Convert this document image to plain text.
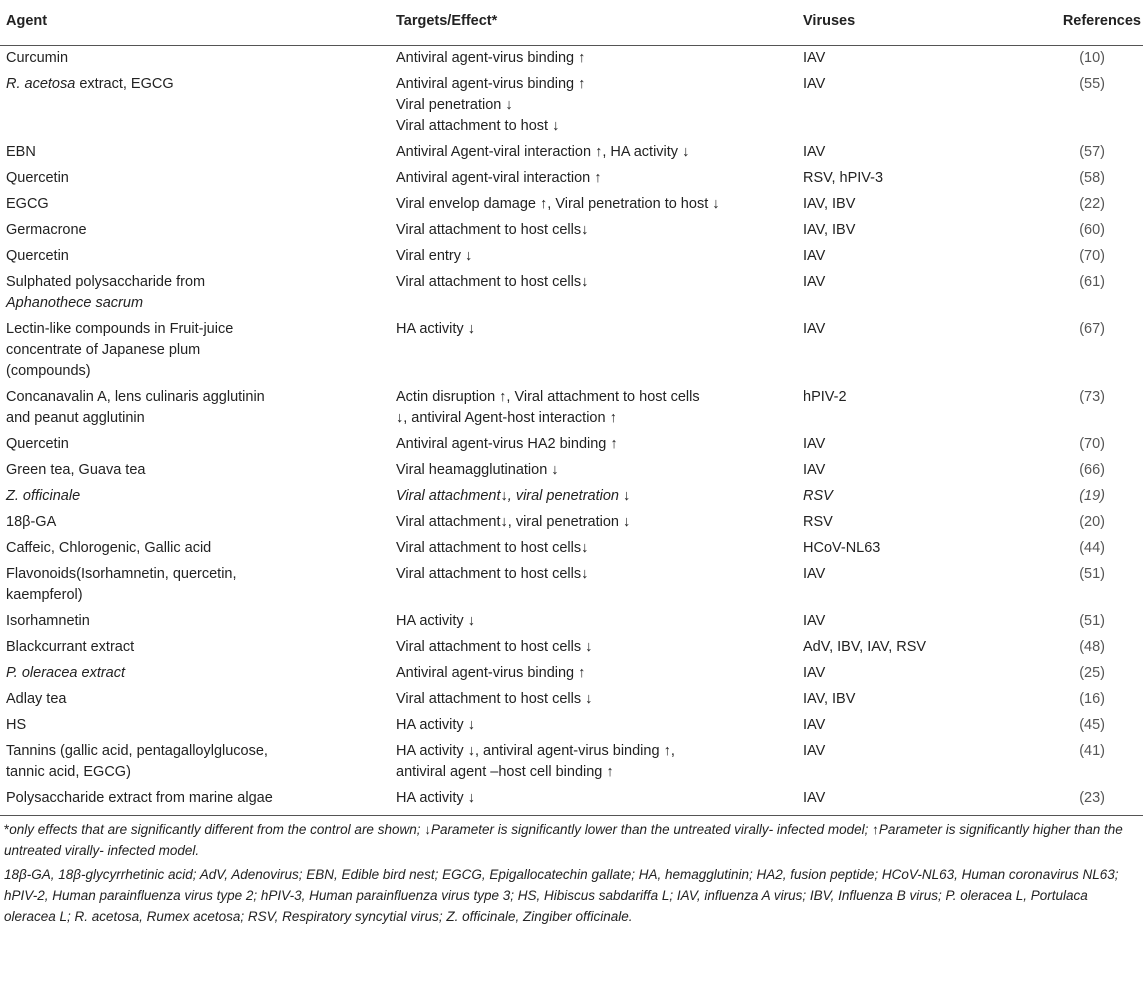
Agent	Targets/Effect*	Viruses	References
Curcumin	Antiviral agent-virus binding ↑	IAV	(10)
R. acetosa extract, EGCG	Antiviral agent-virus binding ↑
Viral penetration ↓
Viral attachment to host ↓	IAV	(55)
EBN	Antiviral Agent-viral interaction ↑, HA activity ↓	IAV	(57)
Quercetin	Antiviral agent-viral interaction ↑	RSV, hPIV-3	(58)
EGCG	Viral envelop damage ↑, Viral penetration to host ↓	IAV, IBV	(22)
Germacrone	Viral attachment to host cells↓	IAV, IBV	(60)
Quercetin	Viral entry ↓	IAV	(70)

Sulphated polysaccharide from
Aphanothece sacrum	Viral attachment to host cells↓	IAV	(61)
Lectin-like compounds in Fruit-juice concentrate of Japanese plum (compounds)	HA activity ↓	IAV	(67)
Concanavalin A, lens culinaris agglutinin and peanut agglutinin	Actin disruption ↑, Viral attachment to host cells ↓, antiviral Agent-host interaction ↑	hPIV-2	(73)
Quercetin	Antiviral agent-virus HA2 binding ↑	IAV	(70)
Green tea, Guava tea	Viral heamagglutination ↓	IAV	(66)
Z. officinale	Viral attachment↓, viral penetration ↓	RSV	(19)
18β-GA	Viral attachment↓, viral penetration ↓	RSV	(20)
Caffeic, Chlorogenic, Gallic acid	Viral attachment to host cells↓	HCoV-NL63	(44)
Flavonoids(Isorhamnetin, quercetin, kaempferol)	Viral attachment to host cells↓	IAV	(51)
Isorhamnetin	HA activity ↓	IAV	(51)
Blackcurrant extract	Viral attachment to host cells ↓	AdV, IBV, IAV, RSV	(48)
P. oleracea extract	Antiviral agent-virus binding ↑	IAV	(25)
Adlay tea	Viral attachment to host cells ↓	IAV, IBV	(16)
HS	HA activity ↓	IAV	(45)
Tannins (gallic acid, pentagalloylglucose, tannic acid, EGCG)	HA activity ↓, antiviral agent-virus binding ↑, antiviral agent –host cell binding ↑	IAV	(41)
Polysaccharide extract from marine algae	HA activity ↓	IAV	(23)

*only effects that are significantly different from the control are shown; ↓Parameter is significantly lower than the untreated virally- infected model; ↑Parameter is significantly higher than the untreated virally- infected model.

18β-GA, 18β-glycyrrhetinic acid; AdV, Adenovirus; EBN, Edible bird nest; EGCG, Epigallocatechin gallate; HA, hemagglutinin; HA2, fusion peptide; HCoV-NL63, Human coronavirus NL63; hPIV-2, Human parainfluenza virus type 2; hPIV-3, Human parainfluenza virus type 3; HS, Hibiscus sabdariffa L; IAV, influenza A virus; IBV, Influenza B virus; P. oleracea L, Portulaca oleracea L; R. acetosa, Rumex acetosa; RSV, Respiratory syncytial virus; Z. officinale, Zingiber officinale.
